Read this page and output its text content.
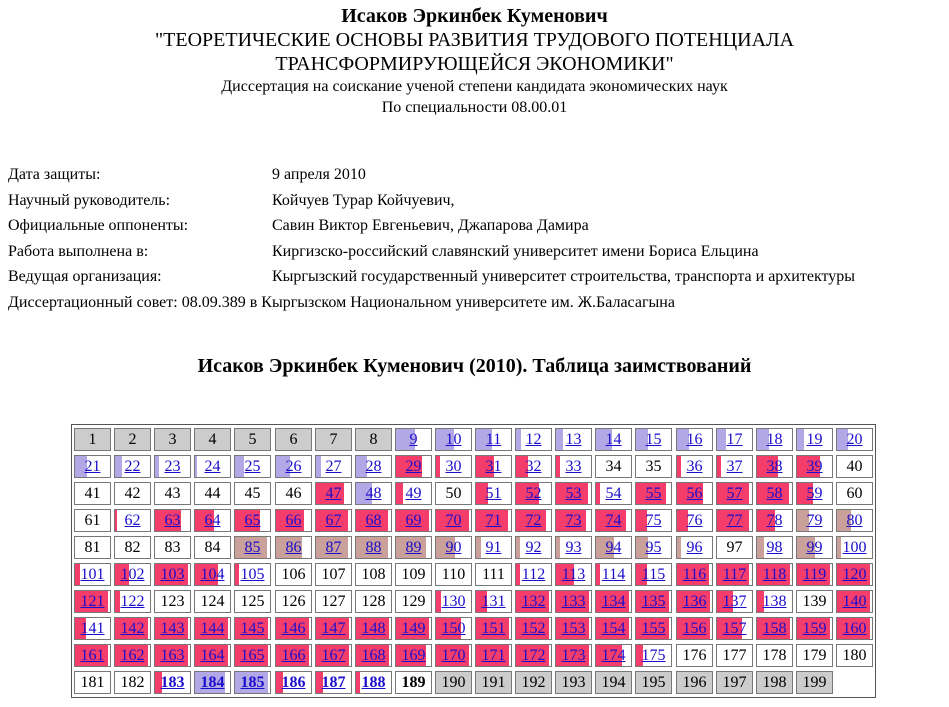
Исаков Эркинбек Куменович
"ТЕОРЕТИЧЕСКИЕ ОСНОВЫ РАЗВИТИЯ ТРУДОВОГО ПОТЕНЦИАЛА
ТРАНСФОРМИРУЮЩЕЙСЯ ЭКОНОМИКИ"
Диссертация на соискание ученой степени кандидата экономических наук
По специальности 08.00.01
Дата защиты:	9 апреля 2010
Научный руководитель:	Койчуев Турар Койчуевич,
Официальные оппоненты:	Савин Виктор Евгеньевич, Джапарова Дамира
Работа выполнена в:	Киргизско-российский славянский университет имени Бориса Ельцина
Ведущая организация:	Кыргызский государственный университет строительства, транспорта и архитектуры
Диссертационный совет: 08.09.389 в Кыргызском Национальном университете им. Ж.Баласагына
Исаков Эркинбек Куменович (2010). Таблица заимствований
1	2	3	4	5	6	7	8	9	10	11	12	13	14	15	16	17	18	19	20
21	22	23	24	25	26	27	28	29	30	31	32	33	34	35	36	37	38	39	40
41	42	43	44	45	46	47	48	49	50	51	52	53	54	55	56	57	58	59	60
61	62	63	64	65	66	67	68	69	70	71	72	73	74	75	76	77	78	79	80
81	82	83	84	85	86	87	88	89	90	91	92	93	94	95	96	97	98	99	100
101	102	103	104	105	106	107	108	109	110	111	112	113	114	115	116	117	118	119	120
121	122	123	124	125	126	127	128	129	130	131	132	133	134	135	136	137	138	139	140
141	142	143	144	145	146	147	148	149	150	151	152	153	154	155	156	157	158	159	160
161	162	163	164	165	166	167	168	169	170	171	172	173	174	175	176	177	178	179	180
181	182	183	184	185	186	187	188	189	190	191	192	193	194	195	196	197	198	199
